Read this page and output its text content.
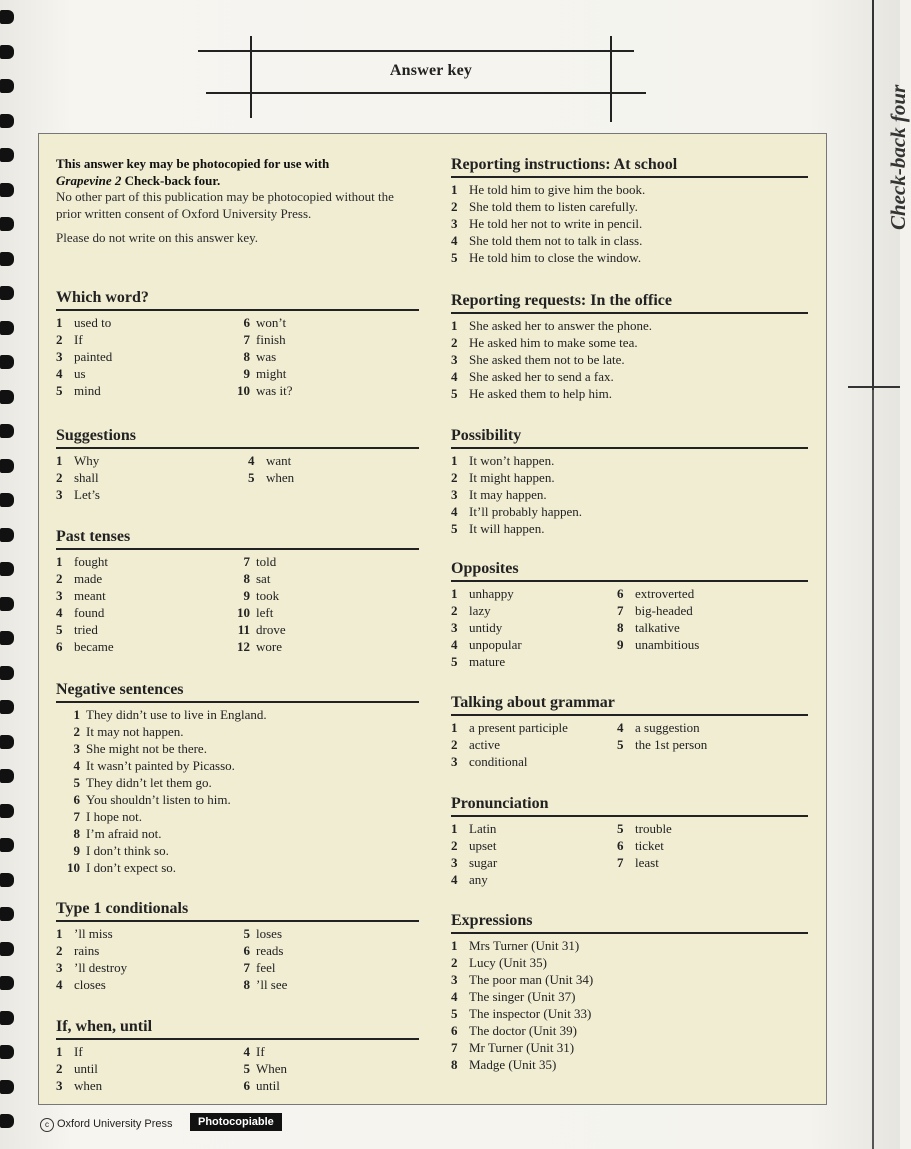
Answer key
Check-back four

This answer key may be photocopied for use with
Grapevine 2 Check-back four.
No other part of this publication may be photocopied without the prior written consent of Oxford University Press.

Please do not write on this answer key.

Which word?
1 used to
2 If
3 painted
4 us
5 mind
6 won’t
7 finish
8 was
9 might
10 was it?
Suggestions
1 Why
2 shall
3 Let’s
4 want
5 when
Past tenses
1 fought
2 made
3 meant
4 found
5 tried
6 became
7 told
8 sat
9 took
10 left
11 drove
12 wore
Negative sentences
1 They didn’t use to live in England.
2 It may not happen.
3 She might not be there.
4 It wasn’t painted by Picasso.
5 They didn’t let them go.
6 You shouldn’t listen to him.
7 I hope not.
8 I’m afraid not.
9 I don’t think so.
10 I don’t expect so.
Type 1 conditionals
1 ’ll miss
2 rains
3 ’ll destroy
4 closes
5 loses
6 reads
7 feel
8 ’ll see
If, when, until
1 If
2 until
3 when
4 If
5 When
6 until
Reporting instructions: At school
1 He told him to give him the book.
2 She told them to listen carefully.
3 He told her not to write in pencil.
4 She told them not to talk in class.
5 He told him to close the window.
Reporting requests: In the office
1 She asked her to answer the phone.
2 He asked him to make some tea.
3 She asked them not to be late.
4 She asked her to send a fax.
5 He asked them to help him.
Possibility
1 It won’t happen.
2 It might happen.
3 It may happen.
4 It’ll probably happen.
5 It will happen.
Opposites
1 unhappy
2 lazy
3 untidy
4 unpopular
5 mature
6 extroverted
7 big-headed
8 talkative
9 unambitious
Talking about grammar
1 a present participle
2 active
3 conditional
4 a suggestion
5 the 1st person
Pronunciation
1 Latin
2 upset
3 sugar
4 any
5 trouble
6 ticket
7 least
Expressions
1 Mrs Turner (Unit 31)
2 Lucy (Unit 35)
3 The poor man (Unit 34)
4 The singer (Unit 37)
5 The inspector (Unit 33)
6 The doctor (Unit 39)
7 Mr Turner (Unit 31)
8 Madge (Unit 35)
c Oxford University Press	Photocopiable
